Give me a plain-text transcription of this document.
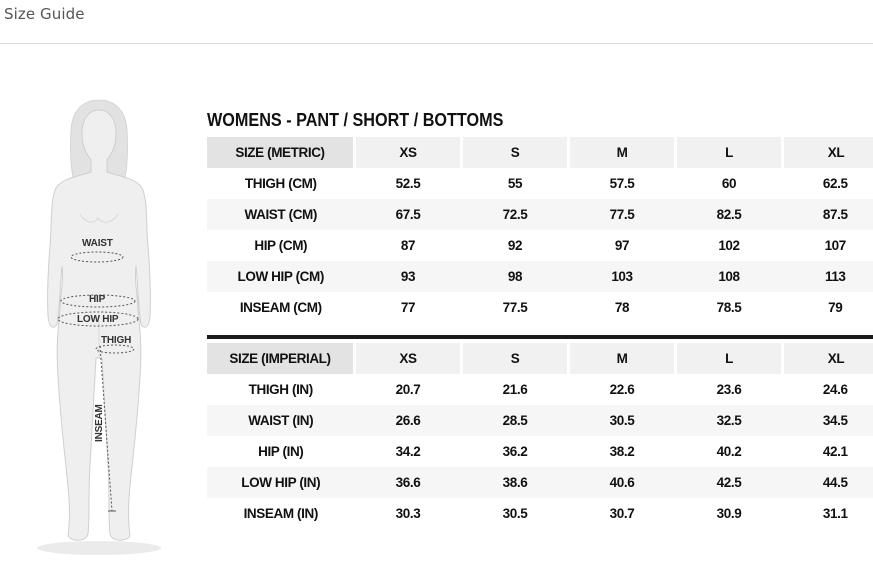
Size Guide
WAIST
HIP
LOW HIP
THIGH
INSEAM
WOMENS - PANT / SHORT / BOTTOMS
SIZE (METRIC)	XS	S	M	L	XL
THIGH (CM)	52.5	55	57.5	60	62.5
WAIST (CM)	67.5	72.5	77.5	82.5	87.5
HIP (CM)	87	92	97	102	107
LOW HIP (CM)	93	98	103	108	113
INSEAM (CM)	77	77.5	78	78.5	79
SIZE (IMPERIAL)	XS	S	M	L	XL
THIGH (IN)	20.7	21.6	22.6	23.6	24.6
WAIST (IN)	26.6	28.5	30.5	32.5	34.5
HIP (IN)	34.2	36.2	38.2	40.2	42.1
LOW HIP (IN)	36.6	38.6	40.6	42.5	44.5
INSEAM (IN)	30.3	30.5	30.7	30.9	31.1
